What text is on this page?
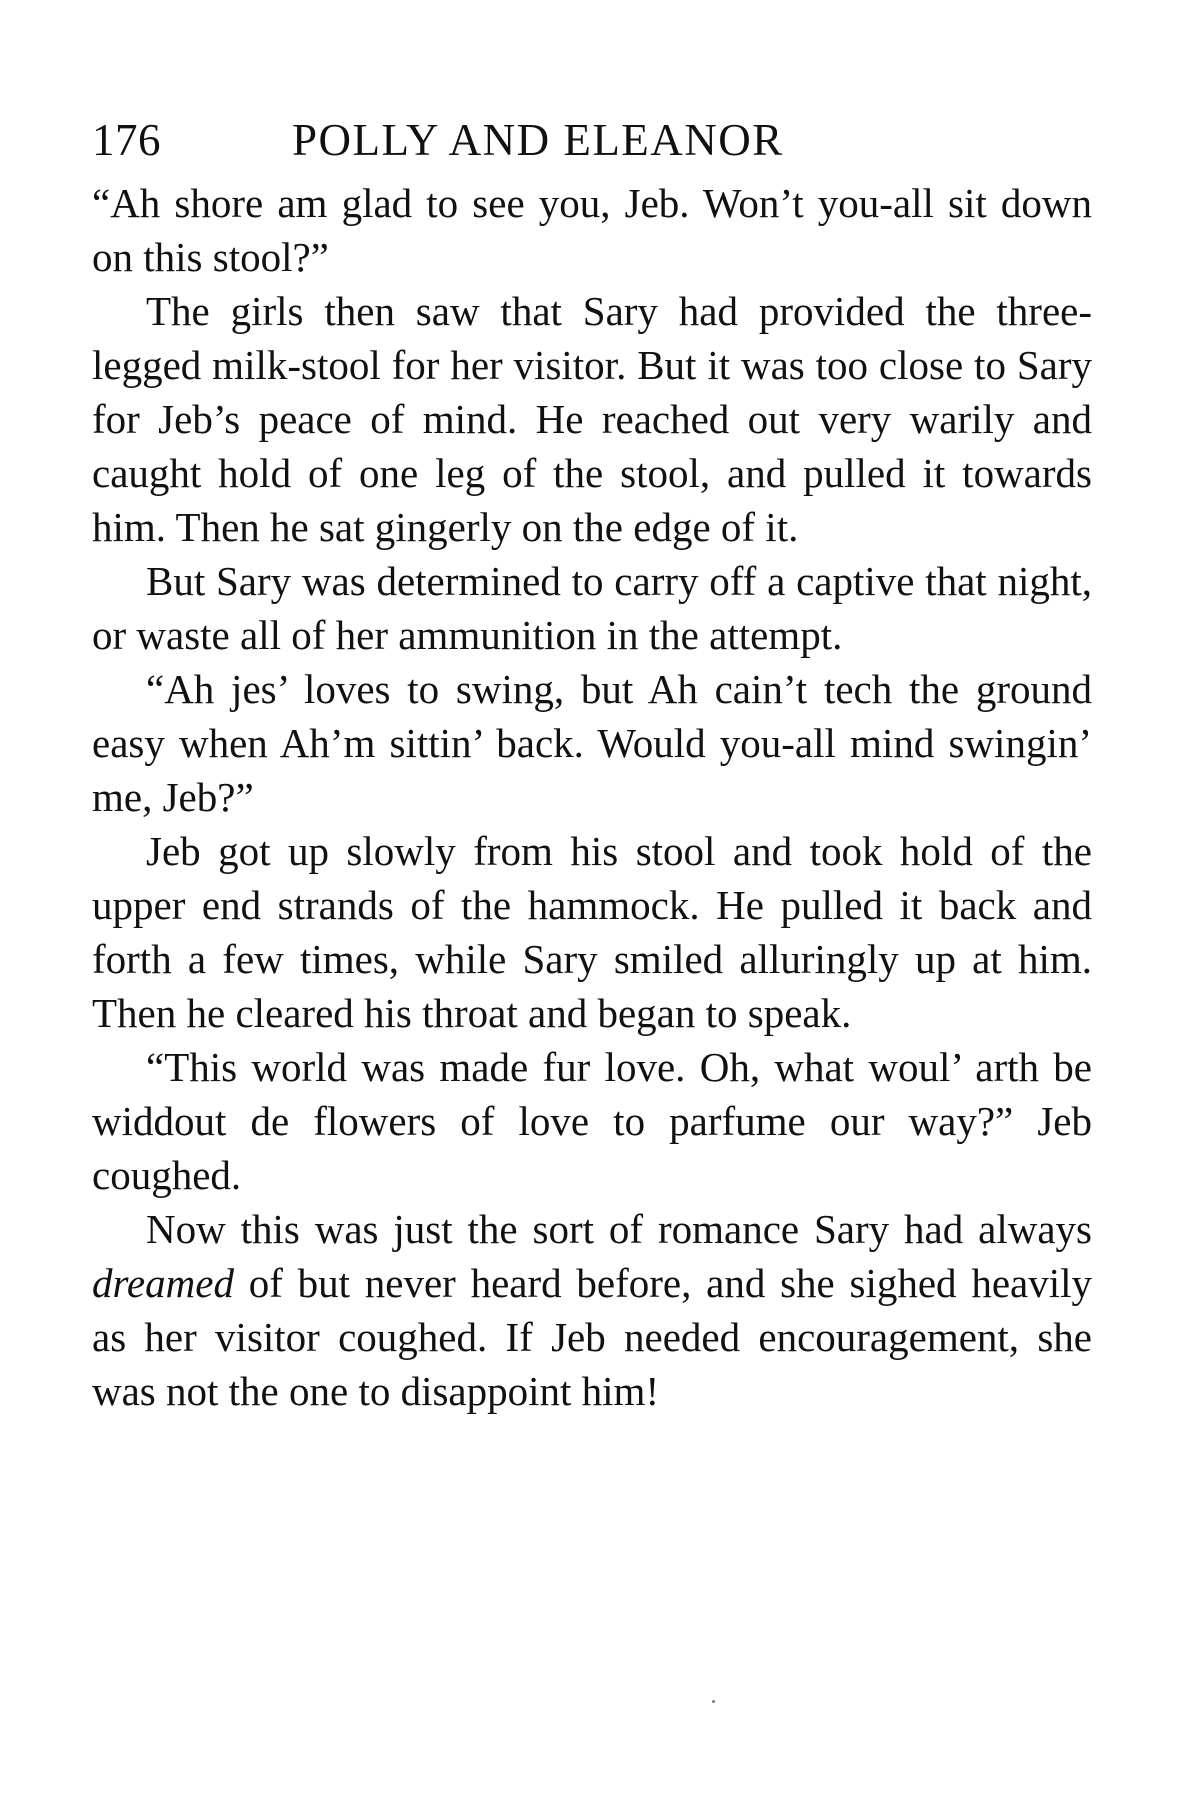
176	POLLY AND ELEANOR

“Ah shore am glad to see you, Jeb. Won’t you-all sit down on this stool?”

The girls then saw that Sary had provided the three-legged milk-stool for her visitor. But it was too close to Sary for Jeb’s peace of mind. He reached out very warily and caught hold of one leg of the stool, and pulled it towards him. Then he sat gingerly on the edge of it.

But Sary was determined to carry off a captive that night, or waste all of her ammunition in the attempt.

“Ah jes’ loves to swing, but Ah cain’t tech the ground easy when Ah’m sittin’ back. Would you-all mind swingin’ me, Jeb?”

Jeb got up slowly from his stool and took hold of the upper end strands of the hammock. He pulled it back and forth a few times, while Sary smiled alluringly up at him. Then he cleared his throat and began to speak.

“This world was made fur love. Oh, what woul’ arth be widdout de flowers of love to parfume our way?” Jeb coughed.

Now this was just the sort of romance Sary had always dreamed of but never heard before, and she sighed heavily as her visitor coughed. If Jeb needed encouragement, she was not the one to disappoint him!
